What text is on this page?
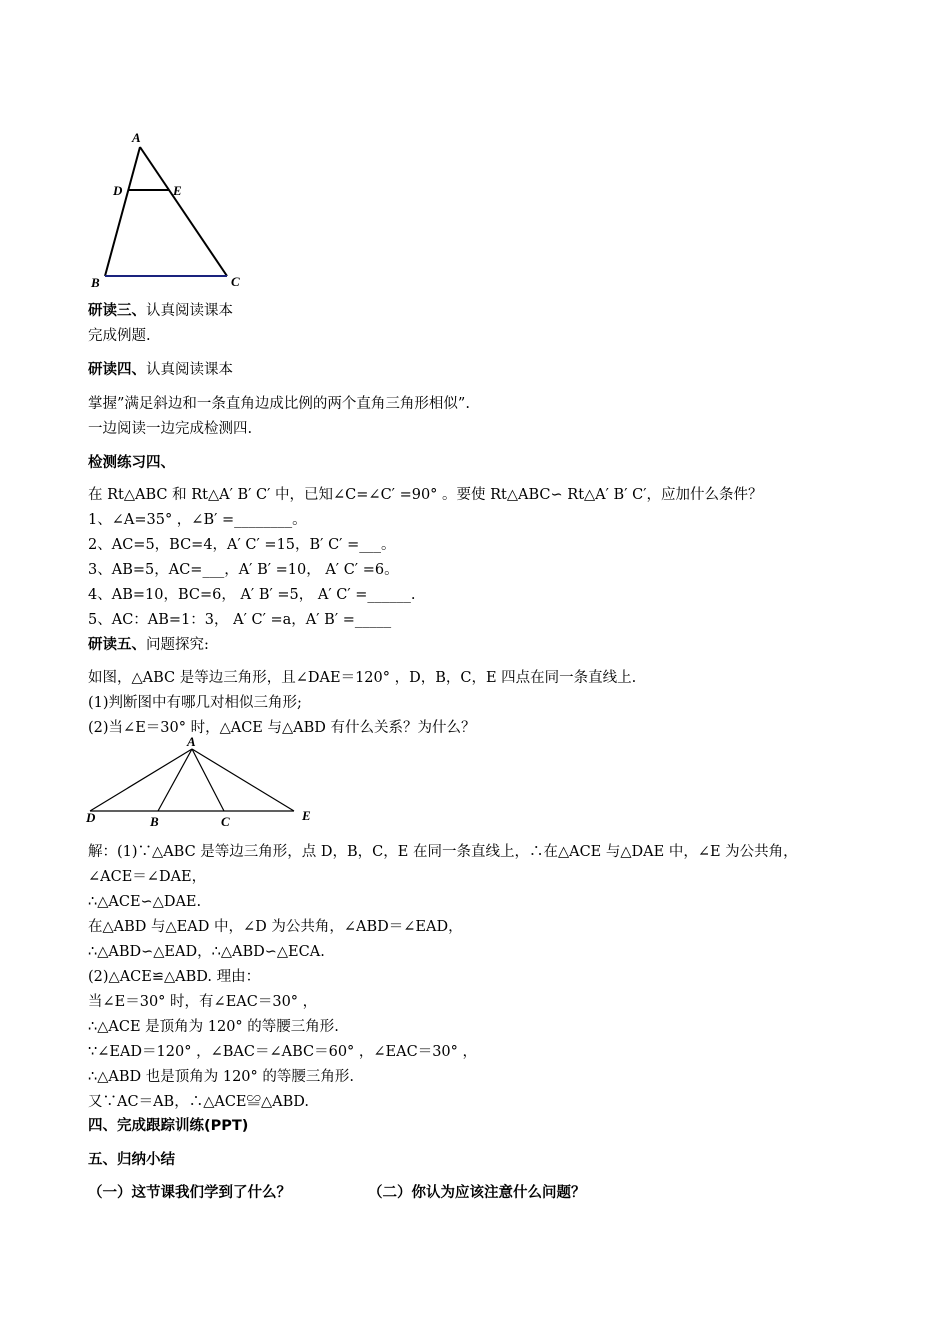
A
D	E
B	C
研读三、认真阅读课本
完成例题.
研读四、认真阅读课本
掌握”满足斜边和一条直角边成比例的两个直角三角形相似”.
一边阅读一边完成检测四.
检测练习四、
在 Rt△ABC 和 Rt△A′ B′ C′ 中，已知∠C=∠C′ =90° 。要使 Rt△ABC∽ Rt△A′ B′ C′，应加什么条件？
1、∠A=35° ，∠B′ =________。
2、AC=5，BC=4，A′ C′ =15，B′ C′ =___。
3、AB=5，AC=___，A′ B′ =10， A′ C′ =6。
4、AB=10，BC=6， A′ B′ =5， A′ C′ =______.
5、AC：AB=1：3， A′ C′ =a，A′ B′ =_____
研读五、问题探究:
如图，△ABC 是等边三角形，且∠DAE＝120° ，D，B，C，E 四点在同一条直线上.
(1)判断图中有哪几对相似三角形;
(2)当∠E＝30° 时，△ACE 与△ABD 有什么关系？为什么？
A
D	B	C	E
解：(1)∵△ABC 是等边三角形，点 D，B，C，E 在同一条直线上，∴在△ACE 与△DAE 中，∠E 为公共角，
∠ACE＝∠DAE，
∴△ACE∽△DAE.
在△ABD 与△EAD 中，∠D 为公共角，∠ABD＝∠EAD，
∴△ABD∽△EAD，∴△ABD∽△ECA.
(2)△ACE≌△ABD. 理由：
当∠E＝30° 时，有∠EAC＝30° ，
∴△ACE 是顶角为 120° 的等腰三角形.
∵∠EAD＝120° ，∠BAC＝∠ABC＝60° ，∠EAC＝30° ，
∴△ABD 也是顶角为 120° 的等腰三角形.
又∵AC＝AB，∴△ACE≌△ABD.
四、完成跟踪训练(PPT)
五、归纳小结
（一）这节课我们学到了什么？	（二）你认为应该注意什么问题？
